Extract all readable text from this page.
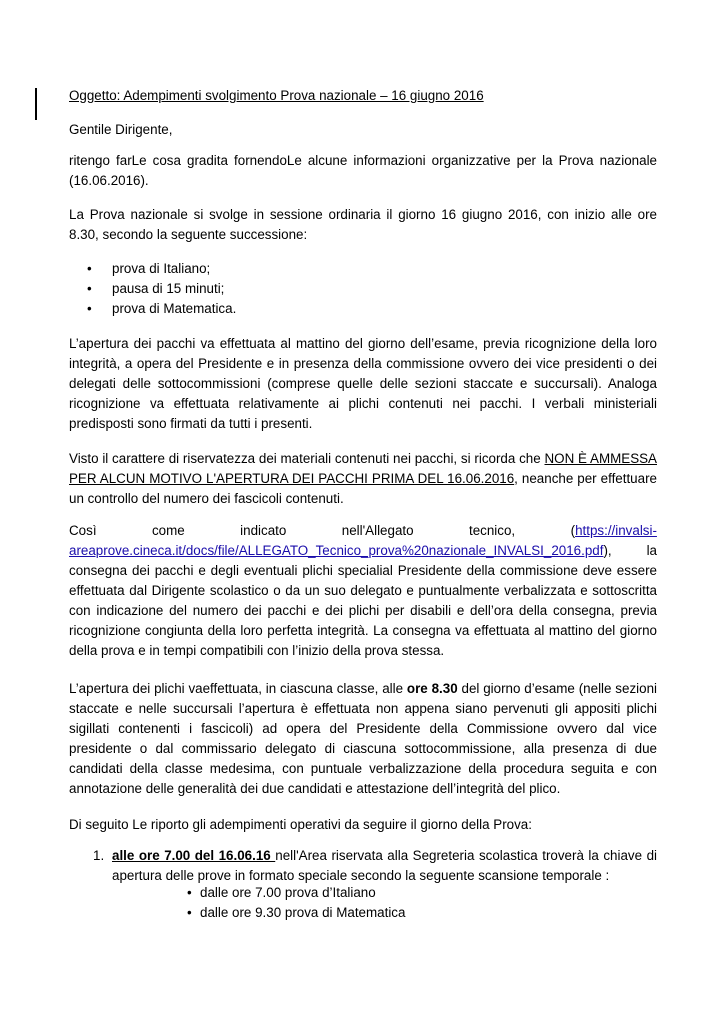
Oggetto: Adempimenti svolgimento Prova nazionale – 16 giugno 2016

Gentile Dirigente,

ritengo farLe cosa gradita fornendoLe alcune informazioni organizzative per la Prova nazionale (16.06.2016).

La Prova nazionale si svolge in sessione ordinaria il giorno 16 giugno 2016, con inizio alle ore 8.30, secondo la seguente successione:

• prova di Italiano;
• pausa di 15 minuti;
• prova di Matematica.

L’apertura dei pacchi va effettuata al mattino del giorno dell’esame, previa ricognizione della loro integrità, a opera del Presidente e in presenza della commissione ovvero dei vice presidenti o dei delegati delle sottocommissioni (comprese quelle delle sezioni staccate e succursali). Analoga ricognizione va effettuata relativamente ai plichi contenuti nei pacchi. I verbali ministeriali predisposti sono firmati da tutti i presenti.

Visto il carattere di riservatezza dei materiali contenuti nei pacchi, si ricorda che NON È AMMESSA PER ALCUN MOTIVO L'APERTURA DEI PACCHI PRIMA DEL 16.06.2016, neanche per effettuare un controllo del numero dei fascicoli contenuti.

Così	come	indicato	nell'Allegato	tecnico,	(https://invalsi-
areaprove.cineca.it/docs/file/ALLEGATO_Tecnico_prova%20nazionale_INVALSI_2016.pdf),	la
consegna dei pacchi e degli eventuali plichi specialial Presidente della commissione deve essere effettuata dal Dirigente scolastico o da un suo delegato e puntualmente verbalizzata e sottoscritta con indicazione del numero dei pacchi e dei plichi per disabili e dell’ora della consegna, previa ricognizione congiunta della loro perfetta integrità. La consegna va effettuata al mattino del giorno della prova e in tempi compatibili con l’inizio della prova stessa.

L’apertura dei plichi vaeffettuata, in ciascuna classe, alle ore 8.30 del giorno d’esame (nelle sezioni staccate e nelle succursali l’apertura è effettuata non appena siano pervenuti gli appositi plichi sigillati contenenti i fascicoli) ad opera del Presidente della Commissione ovvero dal vice presidente o dal commissario delegato di ciascuna sottocommissione, alla presenza di due candidati della classe medesima, con puntuale verbalizzazione della procedura seguita e con annotazione delle generalità dei due candidati e attestazione dell’integrità del plico.

Di seguito Le riporto gli adempimenti operativi da seguire il giorno della Prova:

1. alle ore 7.00 del 16.06.16 nell'Area riservata alla Segreteria scolastica troverà la chiave di apertura delle prove in formato speciale secondo la seguente scansione temporale :

• dalle ore 7.00 prova d’Italiano
• dalle ore 9.30 prova di Matematica
